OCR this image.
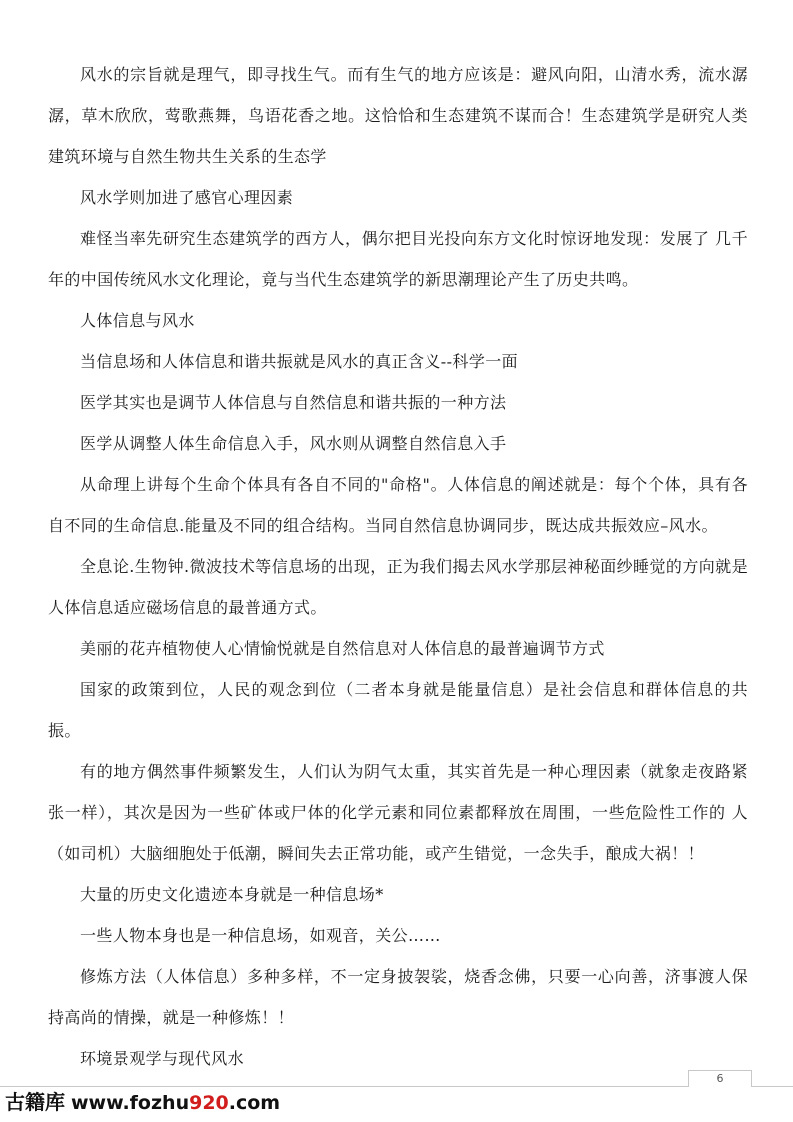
风水的宗旨就是理气，即寻找生气。而有生气的地方应该是：避风向阳，山清水秀，流水潺潺，草木欣欣，莺歌燕舞，鸟语花香之地。这恰恰和生态建筑不谋而合！生态建筑学是研究人类建筑环境与自然生物共生关系的生态学

风水学则加进了感官心理因素

难怪当率先研究生态建筑学的西方人，偶尔把目光投向东方文化时惊讶地发现：发展了 几千年的中国传统风水文化理论，竟与当代生态建筑学的新思潮理论产生了历史共鸣。

人体信息与风水

当信息场和人体信息和谐共振就是风水的真正含义--科学一面

医学其实也是调节人体信息与自然信息和谐共振的一种方法

医学从调整人体生命信息入手，风水则从调整自然信息入手

从命理上讲每个生命个体具有各自不同的"命格"。人体信息的阐述就是：每个个体，具有各自不同的生命信息.能量及不同的组合结构。当同自然信息协调同步，既达成共振效应–风水。

全息论.生物钟.微波技术等信息场的出现，正为我们揭去风水学那层神秘面纱睡觉的方向就是人体信息适应磁场信息的最普通方式。

美丽的花卉植物使人心情愉悦就是自然信息对人体信息的最普遍调节方式

国家的政策到位，人民的观念到位（二者本身就是能量信息）是社会信息和群体信息的共振。

有的地方偶然事件频繁发生，人们认为阴气太重，其实首先是一种心理因素（就象走夜路紧张一样），其次是因为一些矿体或尸体的化学元素和同位素都释放在周围，一些危险性工作的 人（如司机）大脑细胞处于低潮，瞬间失去正常功能，或产生错觉，一念失手，酿成大祸！！

大量的历史文化遗迹本身就是一种信息场*

一些人物本身也是一种信息场，如观音，关公……

修炼方法（人体信息）多种多样，不一定身披袈裟，烧香念佛，只要一心向善，济事渡人保持高尚的情操，就是一种修炼！！

环境景观学与现代风水

6
古籍库 www.fozhu920.com
